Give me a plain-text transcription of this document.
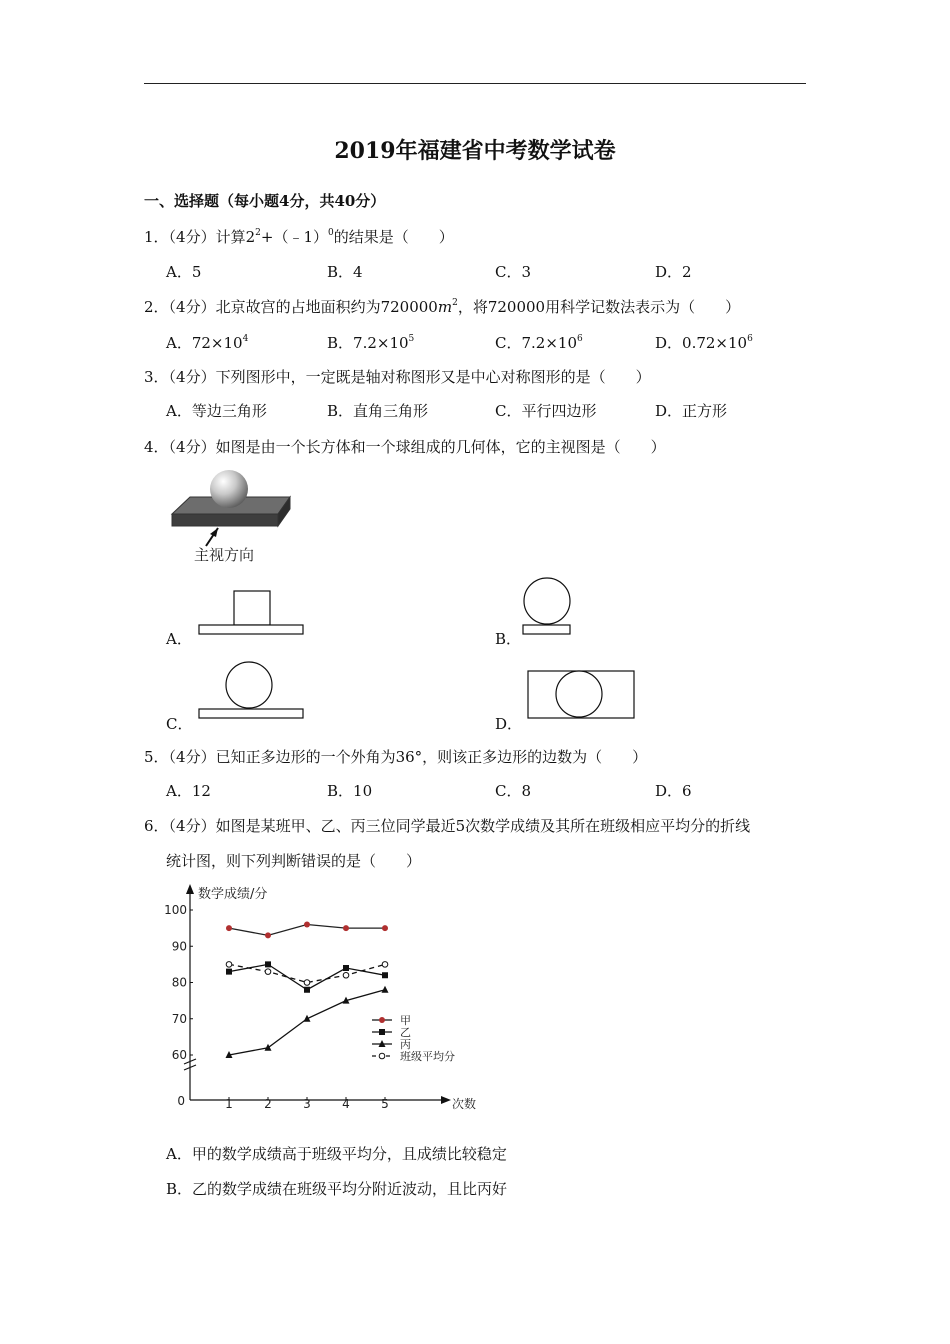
2019年福建省中考数学试卷
一、选择题（每小题4分，共40分）
1．（4分）计算$2^2+(﹣1)^0$的结果是（　　）
A．5	B．4	C．3	D．2
2．（4分）北京故宫的占地面积约为$720000m^2$，将720000用科学记数法表示为（　　）
A．$72\times 10^4$	B．$7.2\times 10^5$	C．$7.2\times 10^6$	D．$0.72\times 10^6$
3．（4分）下列图形中，一定既是轴对称图形又是中心对称图形的是（　　）
A．等边三角形	B．直角三角形	C．平行四边形	D．正方形
4．（4分）如图是由一个长方体和一个球组成的几何体，它的主视图是（　　）
主视方向
A．	B．
C．	D．
5．（4分）已知正多边形的一个外角为36°，则该正多边形的边数为（　　）
A．12	B．10	C．8	D．6
6．（4分）如图是某班甲、乙、丙三位同学最近5次数学成绩及其所在班级相应平均分的折线
统计图，则下列判断错误的是（　　）
数学成绩/分
次数
0
60
70
80
90
100
1	2	3	4	5
甲
乙
丙
班级平均分
A．甲的数学成绩高于班级平均分，且成绩比较稳定
B．乙的数学成绩在班级平均分附近波动，且比丙好
